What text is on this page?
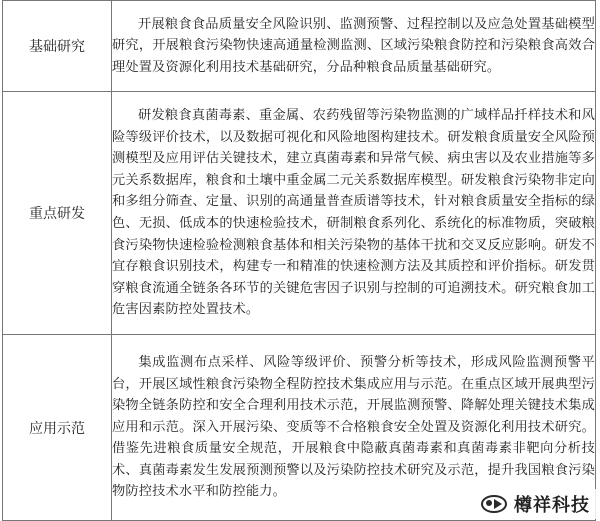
基础研究	开展粮食食品质量安全风险识别、监测预警、过程控制以及应急处置基础模型研究，开展粮食污染物快速高通量检测监测、区域污染粮食防控和污染粮食高效合理处置及资源化利用技术基础研究，分品种粮食品质量基础研究。
重点研发	研发粮食真菌毒素、重金属、农药残留等污染物监测的广域样品扦样技术和风险等级评价技术，以及数据可视化和风险地图构建技术。研发粮食质量安全风险预测模型及应用评估关键技术，建立真菌毒素和异常气候、病虫害以及农业措施等多元关系数据库，粮食和土壤中重金属二元关系数据库模型。研发粮食污染物非定向和多组分筛查、定量、识别的高通量普查质谱等技术，针对粮食质量安全指标的绿色、无损、低成本的快速检验技术，研制粮食系列化、系统化的标准物质，突破粮食污染物快速检验检测粮食基体和相关污染物的基体干扰和交叉反应影响。研发不宜存粮食识别技术，构建专一和精准的快速检测方法及其质控和评价指标。研发贯穿粮食流通全链条各环节的关键危害因子识别与控制的可追溯技术。研究粮食加工危害因素防控处置技术。
应用示范	集成监测布点采样、风险等级评价、预警分析等技术，形成风险监测预警平台，开展区域性粮食污染物全程防控技术集成应用与示范。在重点区域开展典型污染物全链条防控和安全合理利用技术示范，开展监测预警、降解处理关键技术集成应用和示范。深入开展污染、变质等不合格粮食安全处置及资源化利用技术研究。借鉴先进粮食质量安全规范，开展粮食中隐蔽真菌毒素和真菌毒素非靶向分析技术、真菌毒素发生发展预测预警以及污染防控技术研究及示范，提升我国粮食污染物防控技术水平和防控能力。
樽祥科技
